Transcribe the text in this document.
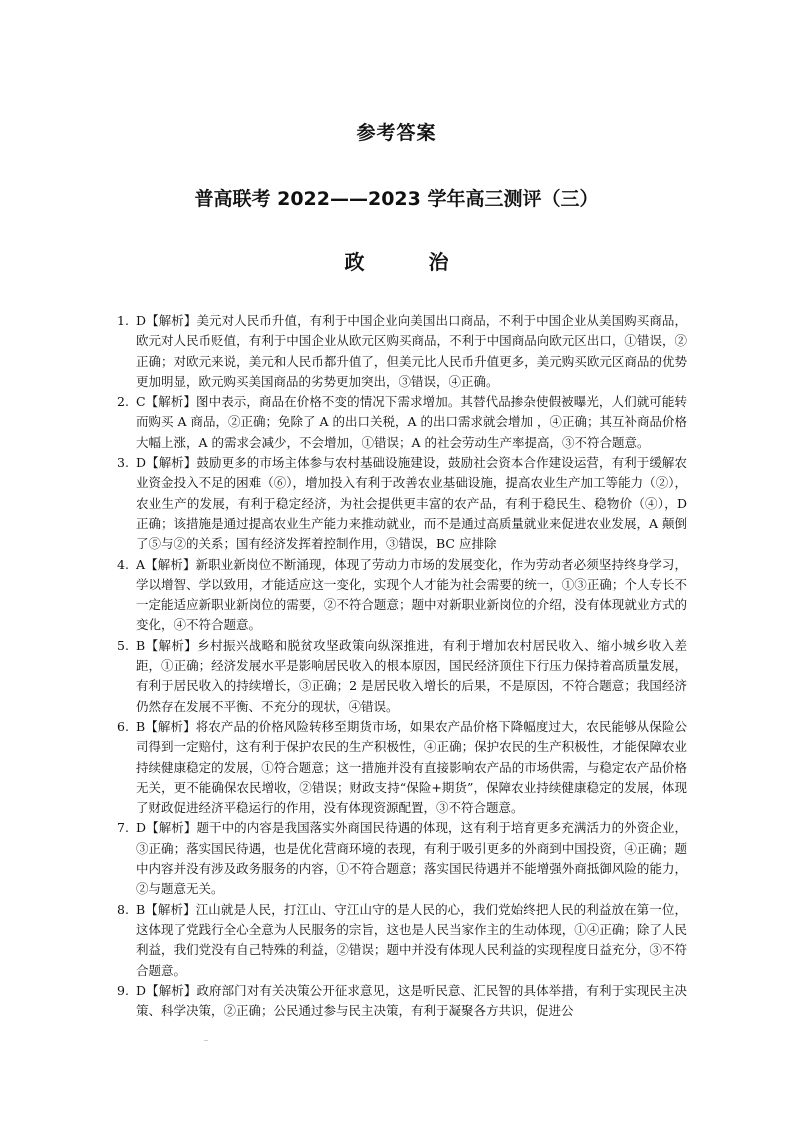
参考答案
普高联考 2022——2023 学年高三测评（三）
政　治
1. D【解析】美元对人民币升值，有利于中国企业向美国出口商品，不利于中国企业从美国购买商品，欧元对人民币贬值，有利于中国企业从欧元区购买商品，不利于中国商品向欧元区出口，①错误，②正确；对欧元来说，美元和人民币都升值了，但美元比人民币升值更多，美元购买欧元区商品的优势更加明显，欧元购买美国商品的劣势更加突出，③错误，④正确。
2. C【解析】图中表示，商品在价格不变的情况下需求增加。其替代品掺杂使假被曝光，人们就可能转而购买 A 商品，②正确；免除了 A 的出口关税，A 的出口需求就会增加 ，④正确；其互补商品价格大幅上涨，A 的需求会减少，不会增加，①错误；A 的社会劳动生产率提高，③不符合题意。
3. D【解析】鼓励更多的市场主体参与农村基础设施建设，鼓励社会资本合作建设运营，有利于缓解农业资金投入不足的困难（⑥），增加投入有利于改善农业基础设施，提高农业生产加工等能力（②），农业生产的发展，有利于稳定经济，为社会提供更丰富的农产品，有利于稳民生、稳物价（④），D 正确；该措施是通过提高农业生产能力来推动就业，而不是通过高质量就业来促进农业发展，A 颠倒了⑤与②的关系；国有经济发挥着控制作用，③错误，BC 应排除
4. A【解析】新职业新岗位不断涌现，体现了劳动力市场的发展变化，作为劳动者必须坚持终身学习，学以增智、学以致用，才能适应这一变化，实现个人才能为社会需要的统一，①③正确；个人专长不一定能适应新职业新岗位的需要，②不符合题意；题中对新职业新岗位的介绍，没有体现就业方式的变化，④不符合题意。
5. B【解析】乡村振兴战略和脱贫攻坚政策向纵深推进，有利于增加农村居民收入、缩小城乡收入差距，①正确；经济发展水平是影响居民收入的根本原因，国民经济顶住下行压力保持着高质量发展，有利于居民收入的持续增长，③正确；2 是居民收入增长的后果，不是原因，不符合题意；我国经济仍然存在发展不平衡、不充分的现状，④错误。
6. B【解析】将农产品的价格风险转移至期货市场，如果农产品价格下降幅度过大，农民能够从保险公司得到一定赔付，这有利于保护农民的生产积极性，④正确；保护农民的生产积极性，才能保障农业持续健康稳定的发展，①符合题意；这一措施并没有直接影响农产品的市场供需，与稳定农产品价格无关，更不能确保农民增收，②错误；财政支持“保险+期货”，保障农业持续健康稳定的发展，体现了财政促进经济平稳运行的作用，没有体现资源配置，③不符合题意。
7. D【解析】题干中的内容是我国落实外商国民待遇的体现，这有利于培育更多充满活力的外资企业，③正确；落实国民待遇，也是优化营商环境的表现，有利于吸引更多的外商到中国投资，④正确；题中内容并没有涉及政务服务的内容，①不符合题意；落实国民待遇并不能增强外商抵御风险的能力，②与题意无关。
8. B【解析】江山就是人民，打江山、守江山守的是人民的心，我们党始终把人民的利益放在第一位，这体现了党践行全心全意为人民服务的宗旨，这也是人民当家作主的生动体现，①④正确；除了人民利益，我们党没有自己特殊的利益，②错误；题中并没有体现人民利益的实现程度日益充分，③不符合题意。
9. D【解析】政府部门对有关决策公开征求意见，这是听民意、汇民智的具体举措，有利于实现民主决策、科学决策，②正确；公民通过参与民主决策，有利于凝聚各方共识，促进公
